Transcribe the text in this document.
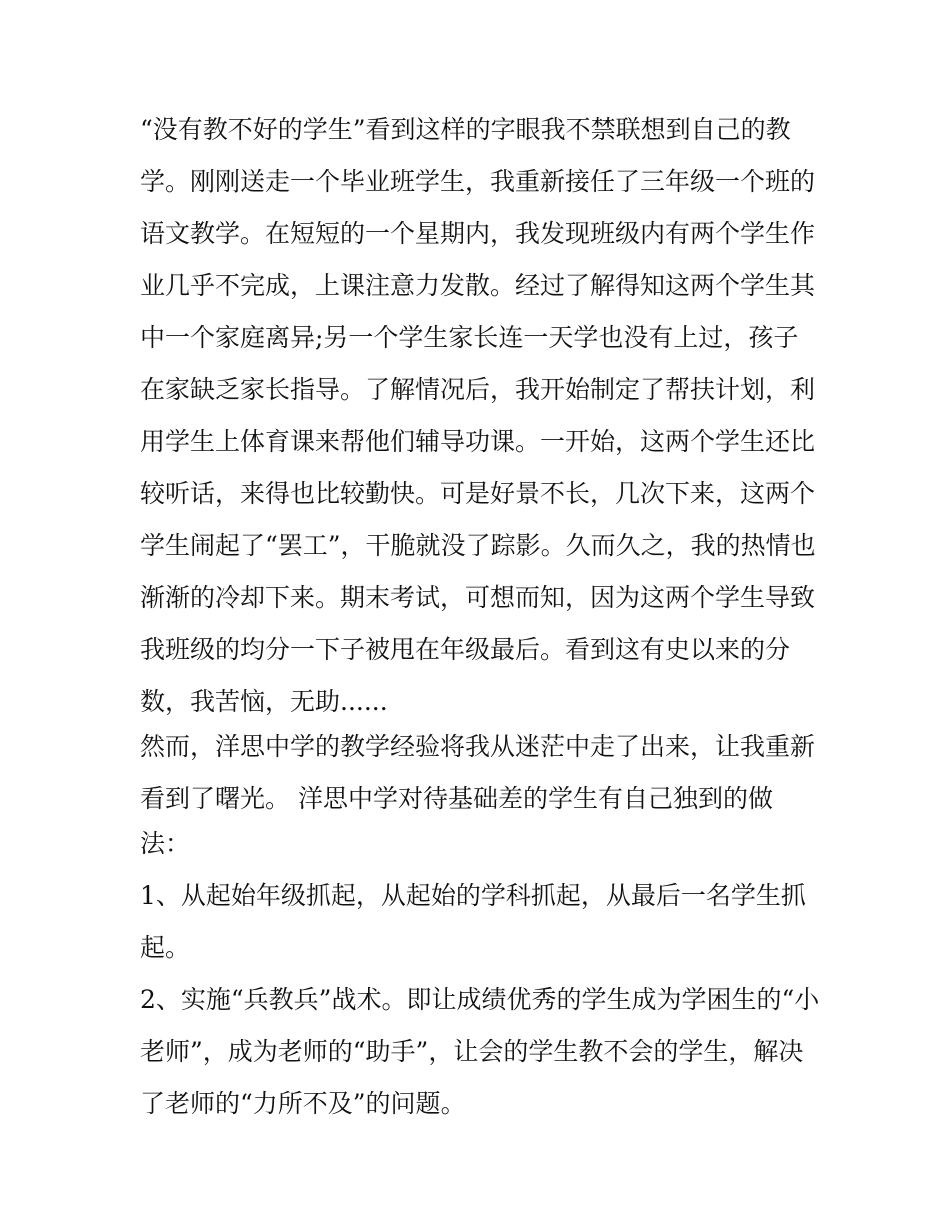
“没有教不好的学生”看到这样的字眼我不禁联想到自己的教
学。刚刚送走一个毕业班学生，我重新接任了三年级一个班的
语文教学。在短短的一个星期内，我发现班级内有两个学生作
业几乎不完成，上课注意力发散。经过了解得知这两个学生其
中一个家庭离异;另一个学生家长连一天学也没有上过，孩子
在家缺乏家长指导。了解情况后，我开始制定了帮扶计划，利
用学生上体育课来帮他们辅导功课。一开始，这两个学生还比
较听话，来得也比较勤快。可是好景不长，几次下来，这两个
学生闹起了“罢工”，干脆就没了踪影。久而久之，我的热情也
渐渐的冷却下来。期末考试，可想而知，因为这两个学生导致
我班级的均分一下子被甩在年级最后。看到这有史以来的分
数，我苦恼，无助......
然而，洋思中学的教学经验将我从迷茫中走了出来，让我重新
看到了曙光。 洋思中学对待基础差的学生有自己独到的做
法：
1、从起始年级抓起，从起始的学科抓起，从最后一名学生抓
起。
2、实施“兵教兵”战术。即让成绩优秀的学生成为学困生的“小
老师”，成为老师的“助手”，让会的学生教不会的学生，解决
了老师的“力所不及”的问题。
